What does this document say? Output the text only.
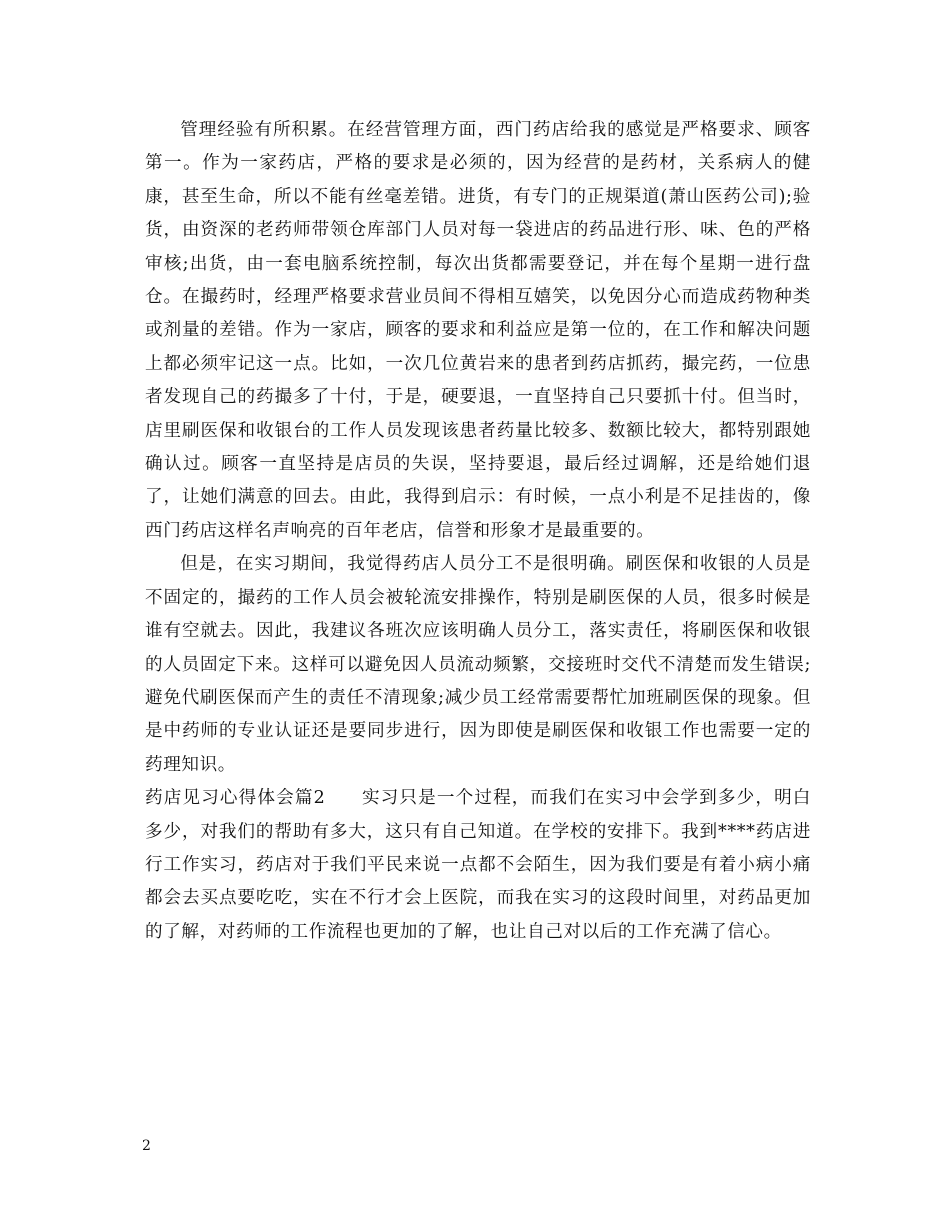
管理经验有所积累。在经营管理方面，西门药店给我的感觉是严格要求、顾客第一。作为一家药店，严格的要求是必须的，因为经营的是药材，关系病人的健康，甚至生命，所以不能有丝毫差错。进货，有专门的正规渠道(萧山医药公司);验货，由资深的老药师带领仓库部门人员对每一袋进店的药品进行形、味、色的严格审核;出货，由一套电脑系统控制，每次出货都需要登记，并在每个星期一进行盘仓。在撮药时，经理严格要求营业员间不得相互嬉笑，以免因分心而造成药物种类或剂量的差错。作为一家店，顾客的要求和利益应是第一位的，在工作和解决问题上都必须牢记这一点。比如，一次几位黄岩来的患者到药店抓药，撮完药，一位患者发现自己的药撮多了十付，于是，硬要退，一直坚持自己只要抓十付。但当时，店里刷医保和收银台的工作人员发现该患者药量比较多、数额比较大，都特别跟她确认过。顾客一直坚持是店员的失误，坚持要退，最后经过调解，还是给她们退了，让她们满意的回去。由此，我得到启示：有时候，一点小利是不足挂齿的，像西门药店这样名声响亮的百年老店，信誉和形象才是最重要的。

但是，在实习期间，我觉得药店人员分工不是很明确。刷医保和收银的人员是不固定的，撮药的工作人员会被轮流安排操作，特别是刷医保的人员，很多时候是谁有空就去。因此，我建议各班次应该明确人员分工，落实责任，将刷医保和收银的人员固定下来。这样可以避免因人员流动频繁，交接班时交代不清楚而发生错误;避免代刷医保而产生的责任不清现象;减少员工经常需要帮忙加班刷医保的现象。但是中药师的专业认证还是要同步进行，因为即使是刷医保和收银工作也需要一定的药理知识。

药店见习心得体会篇2 实习只是一个过程，而我们在实习中会学到多少，明白多少，对我们的帮助有多大，这只有自己知道。在学校的安排下。我到****药店进行工作实习，药店对于我们平民来说一点都不会陌生，因为我们要是有着小病小痛都会去买点要吃吃，实在不行才会上医院，而我在实习的这段时间里，对药品更加的了解，对药师的工作流程也更加的了解，也让自己对以后的工作充满了信心。

2
